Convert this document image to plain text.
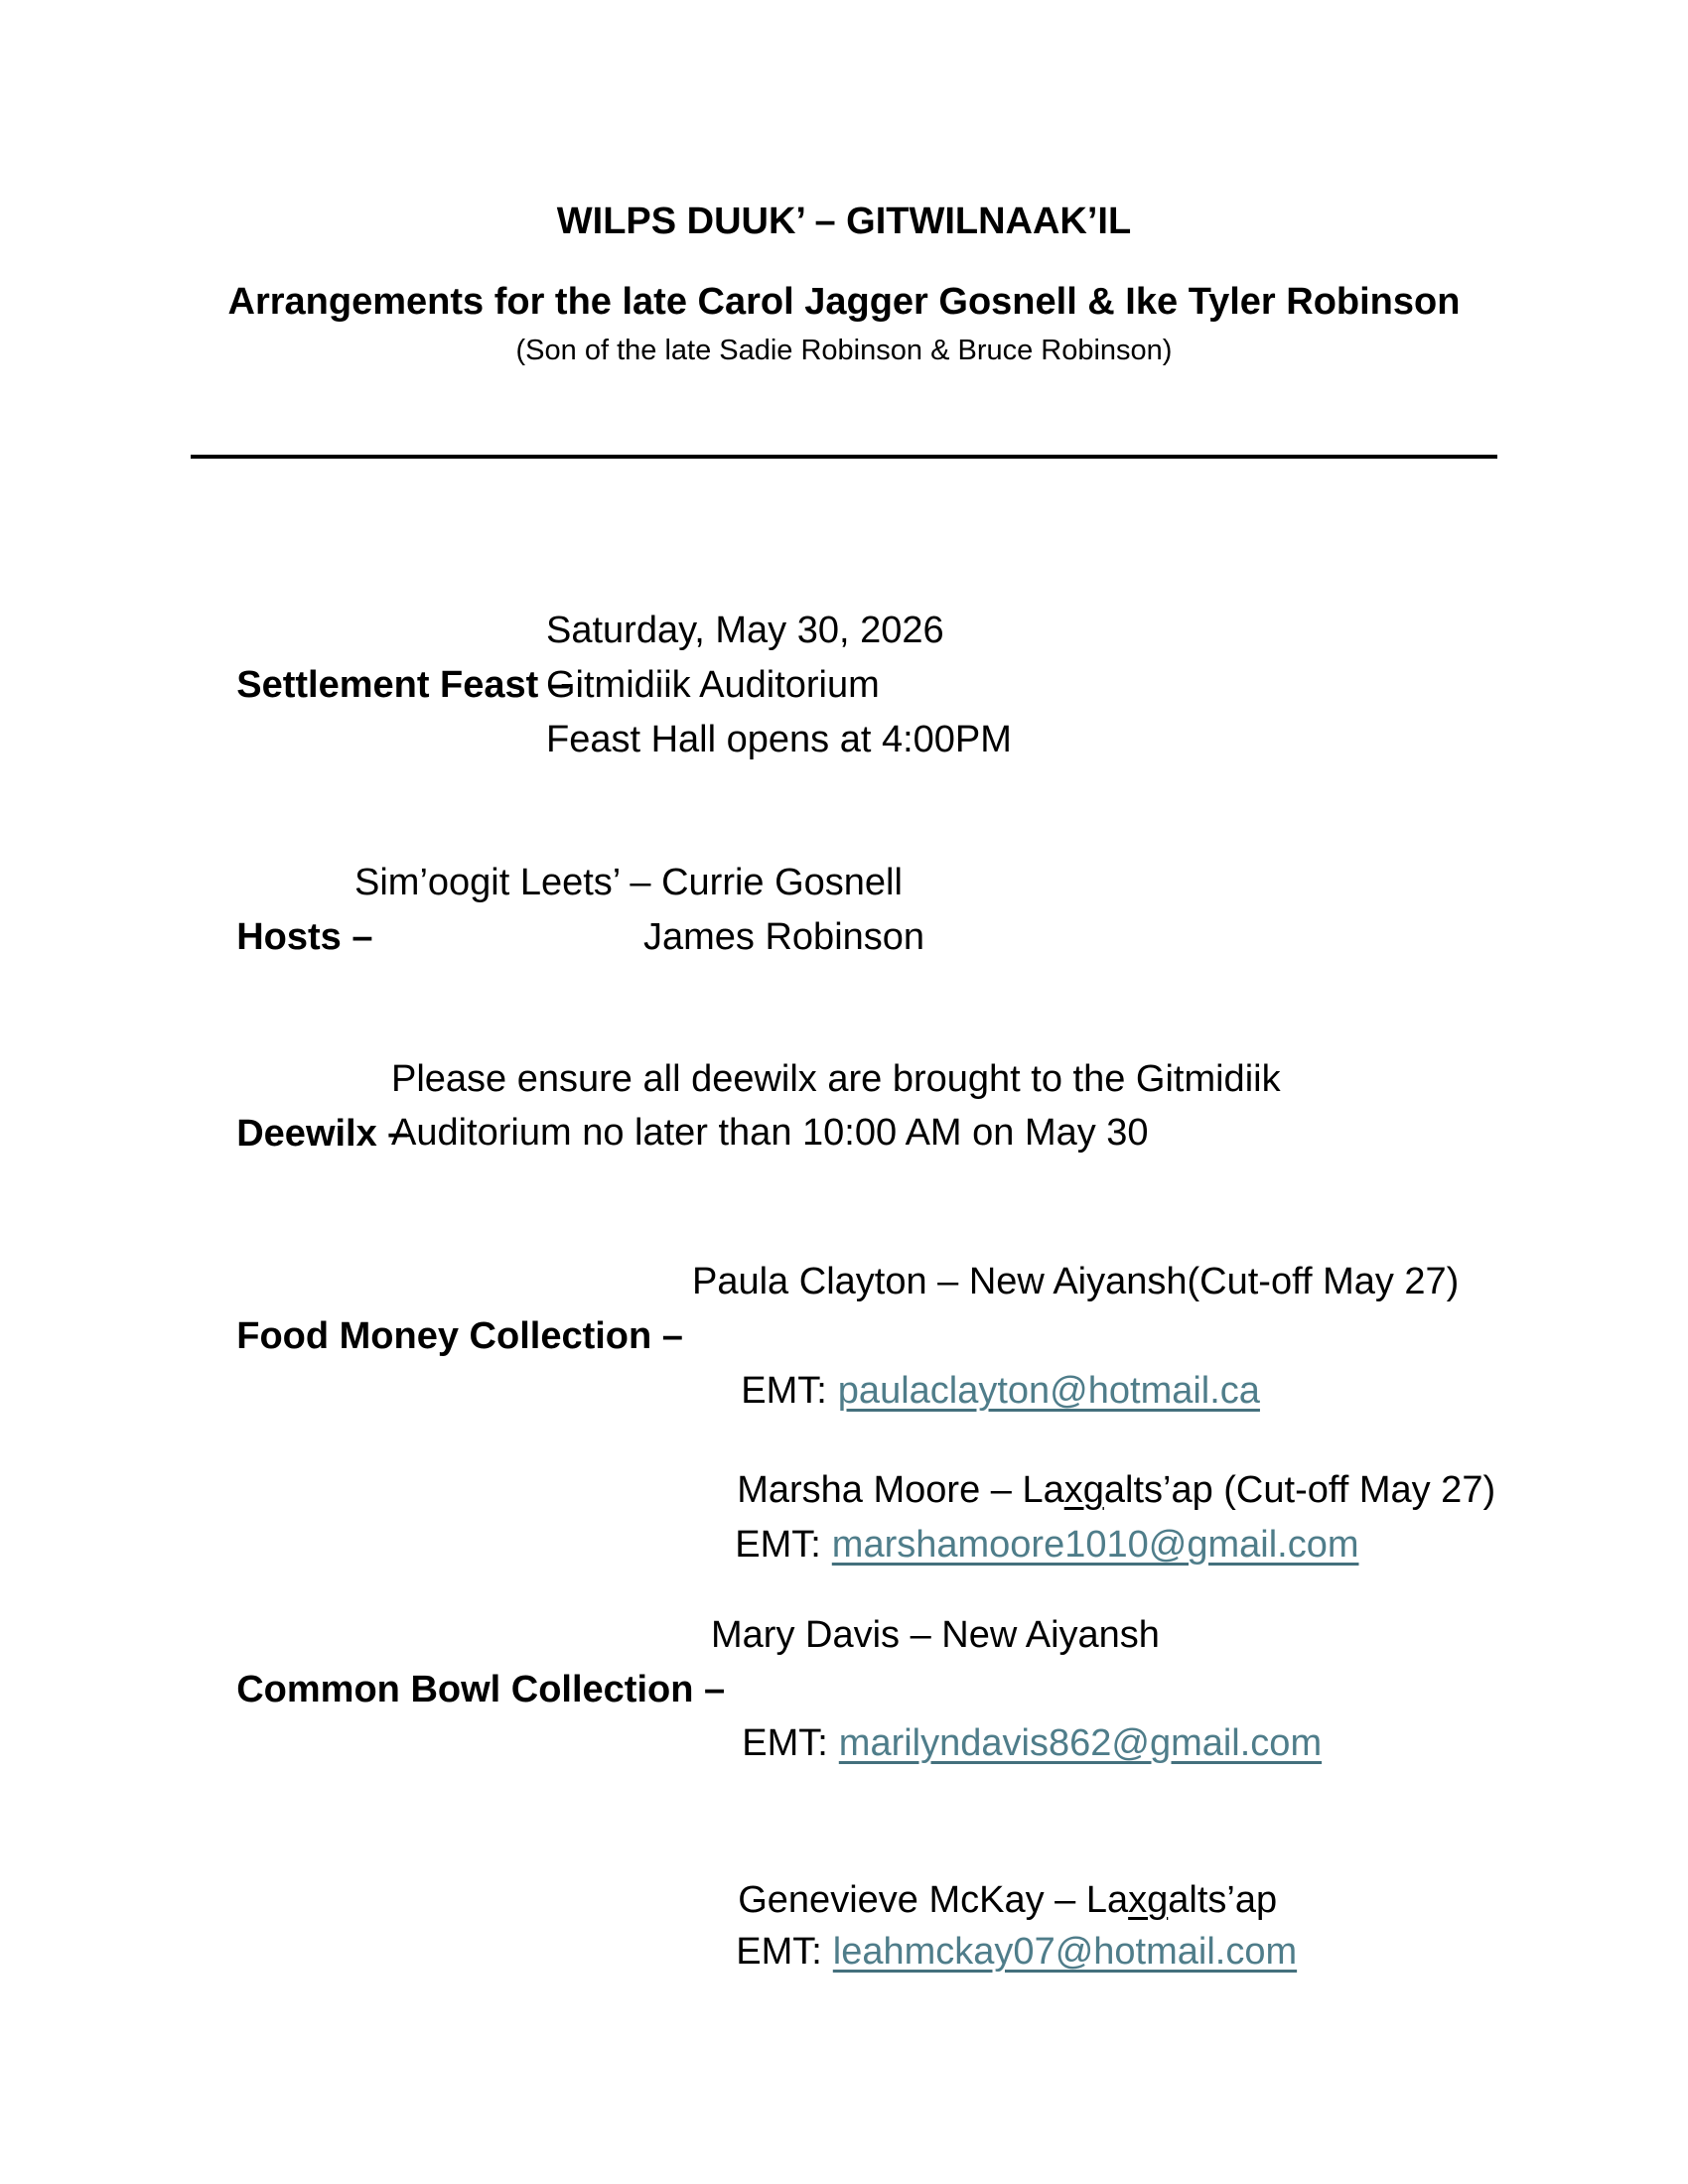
WILPS DUUK’ – GITWILNAAK’IL
Arrangements for the late Carol Jagger Gosnell & Ike Tyler Robinson
(Son of the late Sadie Robinson & Bruce Robinson)

Settlement Feast –

Saturday, May 30, 2026

Gitmidiik Auditorium
Feast Hall opens at 4:00PM

Hosts –

Sim’oogit Leets’ – Currie Gosnell

James Robinson

Deewilx –

Please ensure all deewilx are brought to the Gitmidiik

Auditorium no later than 10:00 AM on May 30

Food Money Collection –

Paula Clayton – New Aiyansh(Cut-off May 27)

EMT: paulaclayton@hotmail.ca

Marsha Moore – Laxgalts’ap (Cut-off May 27)

EMT: marshamoore1010@gmail.com

Common Bowl Collection –

Mary Davis – New Aiyansh

EMT: marilyndavis862@gmail.com

Genevieve McKay – Laxgalts’ap

EMT: leahmckay07@hotmail.com
